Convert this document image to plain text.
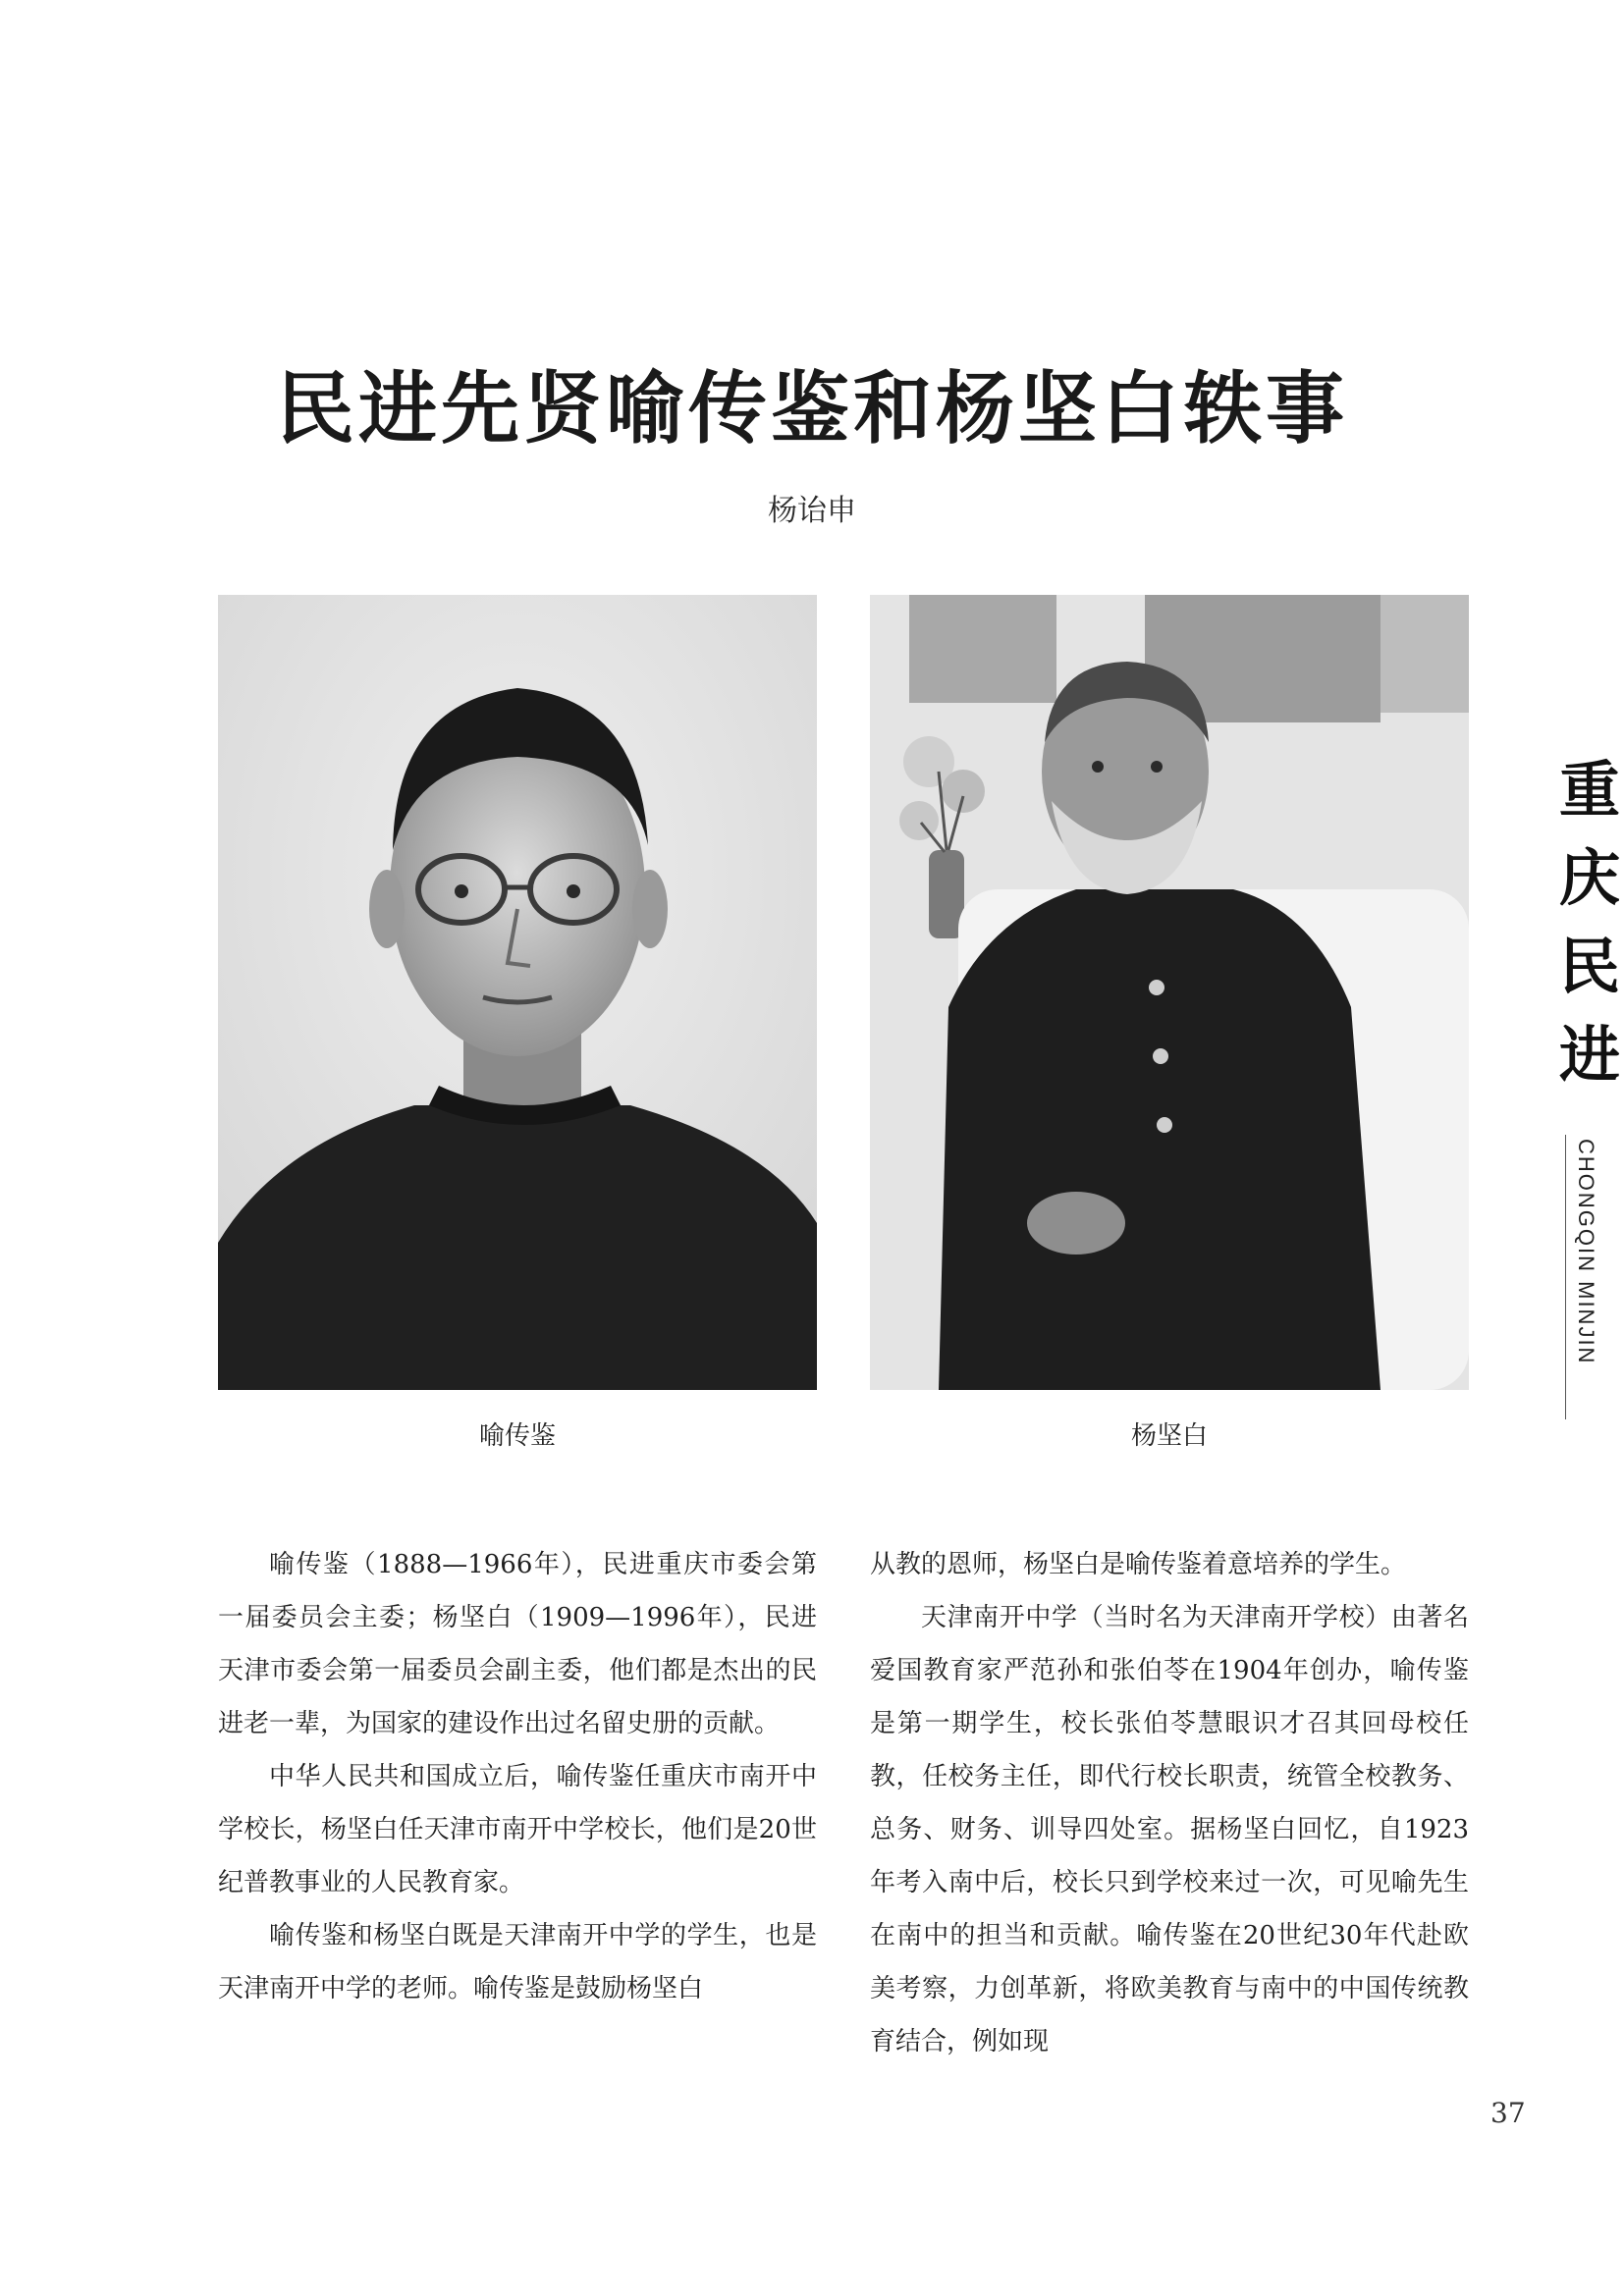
民进先贤喻传鉴和杨坚白轶事
杨诒申
喻传鉴	杨坚白

喻传鉴（1888—1966年），民进重庆市委会第一届委员会主委；杨坚白（1909—1996年），民进天津市委会第一届委员会副主委，他们都是杰出的民进老一辈，为国家的建设作出过名留史册的贡献。

中华人民共和国成立后，喻传鉴任重庆市南开中学校长，杨坚白任天津市南开中学校长，他们是20世纪普教事业的人民教育家。

喻传鉴和杨坚白既是天津南开中学的学生，也是天津南开中学的老师。喻传鉴是鼓励杨坚白

从教的恩师，杨坚白是喻传鉴着意培养的学生。

天津南开中学（当时名为天津南开学校）由著名爱国教育家严范孙和张伯苓在1904年创办，喻传鉴是第一期学生，校长张伯苓慧眼识才召其回母校任教，任校务主任，即代行校长职责，统管全校教务、总务、财务、训导四处室。据杨坚白回忆，自1923年考入南中后，校长只到学校来过一次，可见喻先生在南中的担当和贡献。喻传鉴在20世纪30年代赴欧美考察，力创革新，将欧美教育与南中的中国传统教育结合，例如现

重
庆
民
进
CHONGQIN MINJIN
37
